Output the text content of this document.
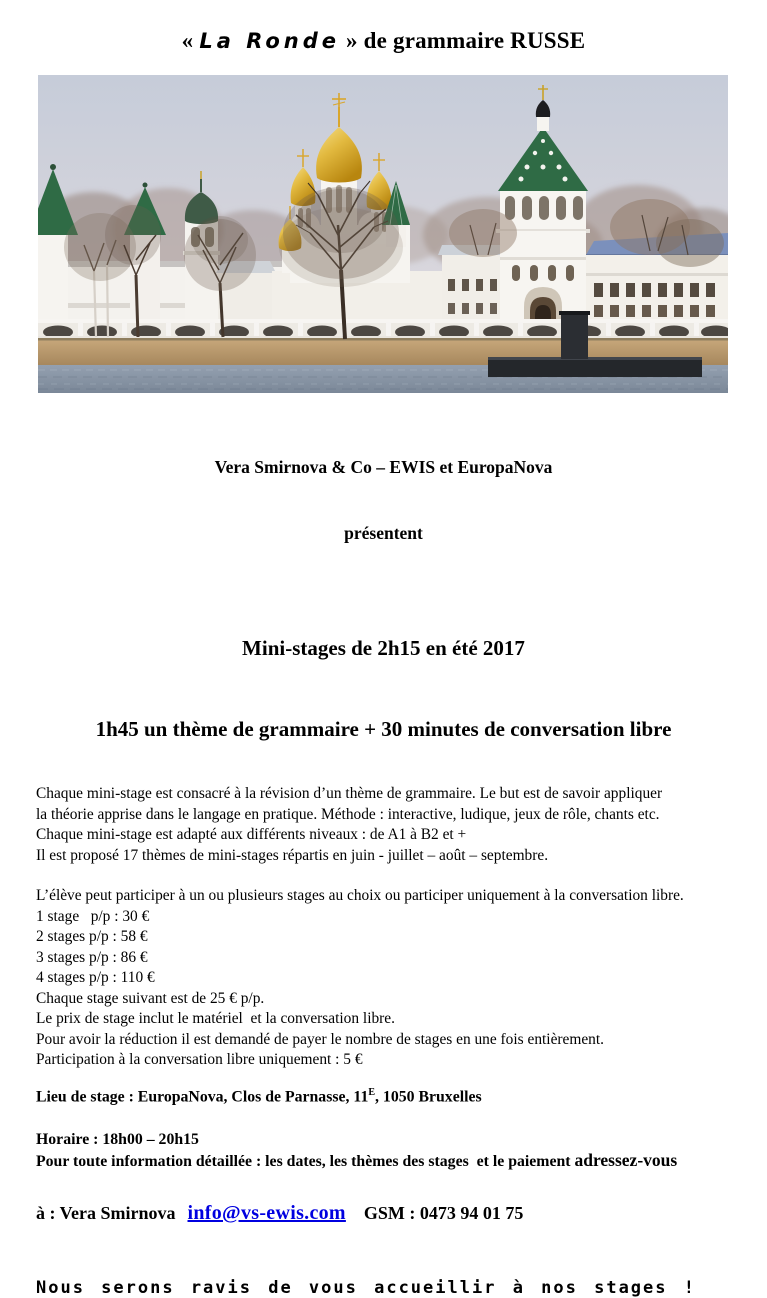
« La Ronde » de grammaire RUSSE

Vera Smirnova & Co – EWIS et EuropaNova

présentent

Mini-stages de 2h15 en été 2017

1h45 un thème de grammaire + 30 minutes de conversation libre

Chaque mini-stage est consacré à la révision d’un thème de grammaire. Le but est de savoir appliquer
la théorie apprise dans le langage en pratique. Méthode : interactive, ludique, jeux de rôle, chants etc.
Chaque mini-stage est adapté aux différents niveaux : de A1 à B2 et +
Il est proposé 17 thèmes de mini-stages répartis en juin - juillet – août – septembre.
L’élève peut participer à un ou plusieurs stages au choix ou participer uniquement à la conversation libre.
1 stage   p/p : 30 €
2 stages p/p : 58 €
3 stages p/p : 86 €
4 stages p/p : 110 €
Chaque stage suivant est de 25 € p/p.
Le prix de stage inclut le matériel  et la conversation libre.
Pour avoir la réduction il est demandé de payer le nombre de stages en une fois entièrement.
Participation à la conversation libre uniquement : 5 €
Lieu de stage : EuropaNova, Clos de Parnasse, $11^E$, 1050 Bruxelles

Horaire : 18h00 – 20h15
Pour toute information détaillée : les dates, les thèmes des stages  et le paiement adressez-vous

à : Vera Smirnova info@vs-ewis.com GSM : 0473 94 01 75

Nous serons ravis de vous accueillir à nos stages !
